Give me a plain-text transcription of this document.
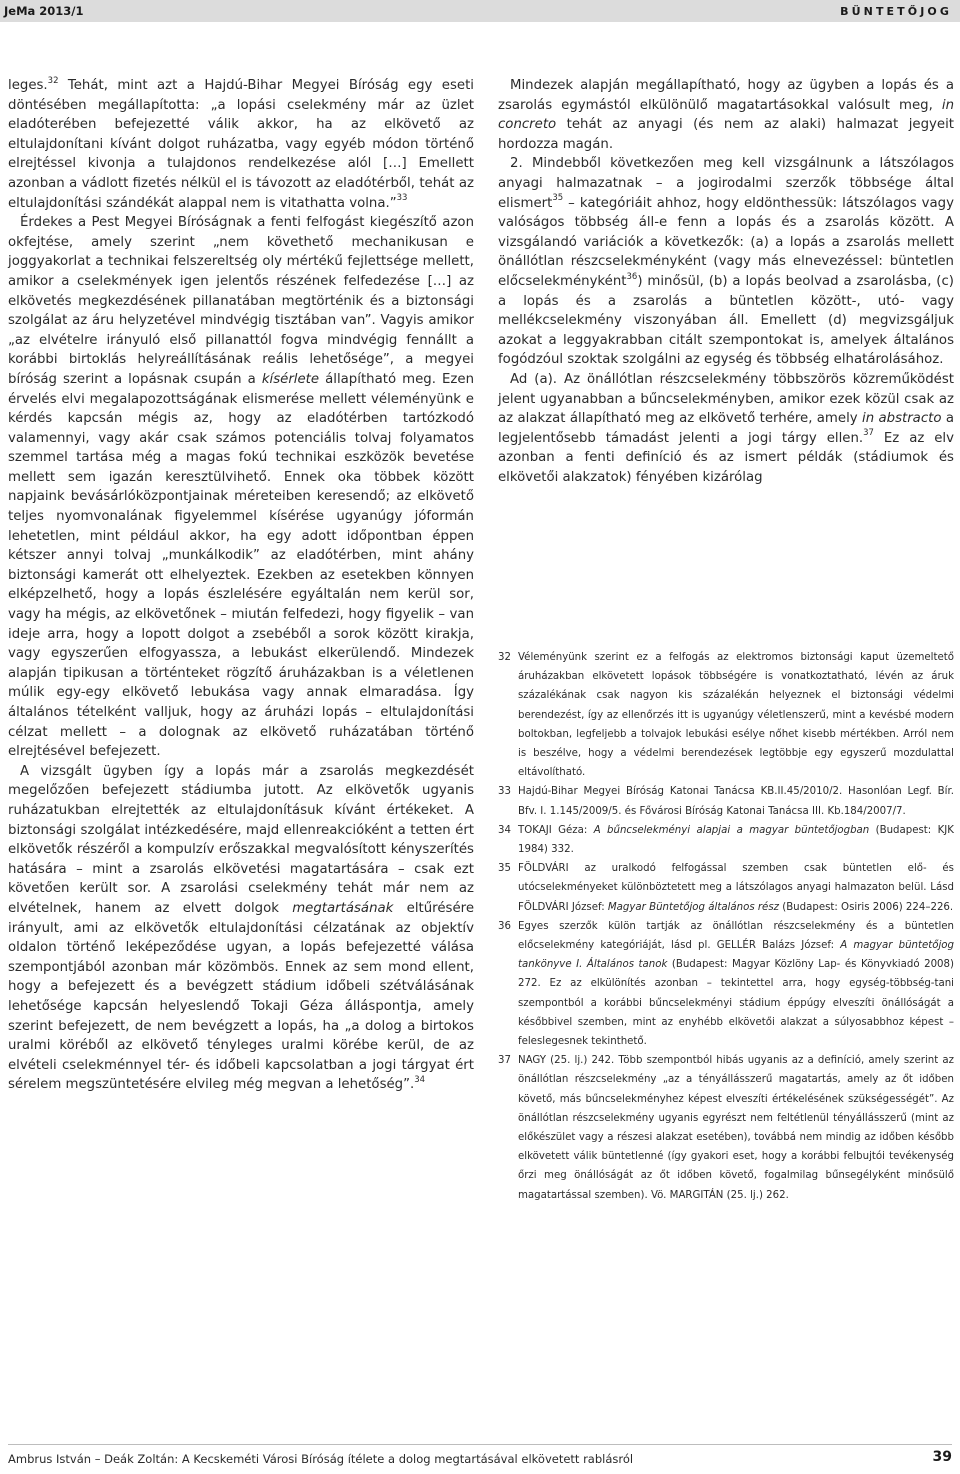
JeMa 2013/1	BÜNTETŐJOG

leges.$^{32}$ Tehát, mint azt a Hajdú-Bihar Megyei Bíróság egy eseti döntésében megállapította: „a lopási cselekmény már az üzlet eladóterében befejezetté válik akkor, ha az elkövető az eltulajdonítani kívánt dolgot ruházatba, vagy egyéb módon történő elrejtéssel kivonja a tulajdonos rendelkezése alól […] Emellett azonban a vádlott fizetés nélkül el is távozott az eladótérből, tehát az eltulajdonítási szándékát alappal nem is vitathatta volna.”$^{33}$

Érdekes a Pest Megyei Bíróságnak a fenti felfogást kiegészítő azon okfejtése, amely szerint „nem követhető mechanikusan e joggyakorlat a technikai felszereltség oly mértékű fejlettsége mellett, amikor a cselekmények igen jelentős részének felfedezése […] az elkövetés megkezdésének pillanatában megtörténik és a biztonsági szolgálat az áru helyzetével mindvégig tisztában van”. Vagyis amikor „az elvételre irányuló első pillanattól fogva mindvégig fennállt a korábbi birtoklás helyreállításának reális lehetősége”, a megyei bíróság szerint a lopásnak csupán a kísérlete állapítható meg. Ezen érvelés elvi megalapozottságának elismerése mellett véleményünk e kérdés kapcsán mégis az, hogy az eladótérben tartózkodó valamennyi, vagy akár csak számos potenciális tolvaj folyamatos szemmel tartása még a magas fokú technikai eszközök bevetése mellett sem igazán keresztülvihető. Ennek oka többek között napjaink bevásárlóközpontjainak méreteiben keresendő; az elkövető teljes nyomvonalának figyelemmel kísérése ugyanúgy jóformán lehetetlen, mint például akkor, ha egy adott időpontban éppen kétszer annyi tolvaj „munkálkodik” az eladótérben, mint ahány biztonsági kamerát ott elhelyeztek. Ezekben az esetekben könnyen elképzelhető, hogy a lopás észlelésére egyáltalán nem kerül sor, vagy ha mégis, az elkövetőnek – miután felfedezi, hogy figyelik – van ideje arra, hogy a lopott dolgot a zsebéből a sorok között kirakja, vagy egyszerűen elfogyassza, a lebukást elkerülendő. Mindezek alapján tipikusan a történteket rögzítő áruházakban is a véletlenen múlik egy-egy elkövető lebukása vagy annak elmaradása. Így általános tételként valljuk, hogy az áruházi lopás – eltulajdonítási célzat mellett – a dolognak az elkövető ruházatában történő elrejtésével befejezett.

A vizsgált ügyben így a lopás már a zsarolás megkezdését megelőzően befejezett stádiumba jutott. Az elkövetők ugyanis ruházatukban elrejtették az eltulajdonításuk kívánt értékeket. A biztonsági szolgálat intézkedésére, majd ellenreakcióként a tetten ért elkövetők részéről a kompulzív erőszakkal megvalósított kényszerítés hatására – mint a zsarolás elkövetési magatartására – csak ezt követően került sor. A zsarolási cselekmény tehát már nem az elvételnek, hanem az elvett dolgok megtartásának eltűrésére irányult, ami az elkövetők eltulajdonítási célzatának az objektív oldalon történő leképeződése ugyan, a lopás befejezetté válása szempontjából azonban már közömbös. Ennek az sem mond ellent, hogy a befejezett és a bevégzett stádium időbeli szétválásának lehetősége kapcsán helyeslendő Tokaji Géza álláspontja, amely szerint befejezett, de nem bevégzett a lopás, ha „a dolog a birtokos uralmi köréből az elkövető tényleges uralmi körébe kerül, de az elvételi cselekménnyel tér- és időbeli kapcsolatban a jogi tárgyat ért sérelem megszüntetésére elvileg még megvan a lehetőség”.$^{34}$

Mindezek alapján megállapítható, hogy az ügyben a lopás és a zsarolás egymástól elkülönülő magatartásokkal valósult meg, in concreto tehát az anyagi (és nem az alaki) halmazat jegyeit hordozza magán.

2. Mindebből következően meg kell vizsgálnunk a látszólagos anyagi halmazatnak – a jogirodalmi szerzők többsége által elismert$^{35}$ – kategóriáit ahhoz, hogy eldönthessük: látszólagos vagy valóságos többség áll-e fenn a lopás és a zsarolás között. A vizsgálandó variációk a következők: (a) a lopás a zsarolás mellett önállótlan részcselekményként (vagy más elnevezéssel: büntetlen előcselekményként$^{36}$) minősül, (b) a lopás beolvad a zsarolásba, (c) a lopás és a zsarolás a büntetlen között-, utó- vagy mellékcselekmény viszonyában áll. Emellett (d) megvizsgáljuk azokat a leggyakrabban citált szempontokat is, amelyek általános fogódzóul szoktak szolgálni az egység és többség elhatárolásához.

Ad (a). Az önállótlan részcselekmény többszörös közreműködést jelent ugyanabban a bűncselekményben, amikor ezek közül csak az az alakzat állapítható meg az elkövető terhére, amely in abstracto a legjelentősebb támadást jelenti a jogi tárgy ellen.$^{37}$ Ez az elv azonban a fenti definíció és az ismert példák (stádiumok és elkövetői alakzatok) fényében kizárólag

32 Véleményünk szerint ez a felfogás az elektromos biztonsági kaput üzemeltető áruházakban elkövetett lopások többségére is vonatkoztatható, lévén az áruk százalékának csak nagyon kis százalékán helyeznek el biztonsági védelmi berendezést, így az ellenőrzés itt is ugyanúgy véletlenszerű, mint a kevésbé modern boltokban, legfeljebb a tolvajok lebukási esélye nőhet kisebb mértékben. Arról nem is beszélve, hogy a védelmi berendezések legtöbbje egy egyszerű mozdulattal eltávolítható.
33 Hajdú-Bihar Megyei Bíróság Katonai Tanácsa KB.II.45/2010/2. Hasonlóan Legf. Bír. Bfv. I. 1.145/2009/5. és Fővárosi Bíróság Katonai Tanácsa III. Kb.184/2007/7.
34 TOKAJI Géza: A bűncselekményi alapjai a magyar büntetőjogban (Budapest: KJK 1984) 332.
35 FÖLDVÁRI az uralkodó felfogással szemben csak büntetlen elő- és utócselekményeket különböztetett meg a látszólagos anyagi halmazaton belül. Lásd FÖLDVÁRI József: Magyar Büntetőjog általános rész (Budapest: Osiris 2006) 224–226.
36 Egyes szerzők külön tartják az önállótlan részcselekmény és a büntetlen előcselekmény kategóriáját, lásd pl. GELLÉR Balázs József: A magyar büntetőjog tankönyve I. Általános tanok (Budapest: Magyar Közlöny Lap- és Könyvkiadó 2008) 272. Ez az elkülönítés azonban – tekintettel arra, hogy egység-többség-tani szempontból a korábbi bűncselekményi stádium éppúgy elveszíti önállóságát a későbbivel szemben, mint az enyhébb elkövetői alakzat a súlyosabbhoz képest – feleslegesnek tekinthető.
37 NAGY (25. lj.) 242. Több szempontból hibás ugyanis az a definíció, amely szerint az önállótlan részcselekmény „az a tényállásszerű magatartás, amely az őt időben követő, más bűncselekményhez képest elveszíti értékelésének szükségességét”. Az önállótlan részcselekmény ugyanis egyrészt nem feltétlenül tényállásszerű (mint az előkészület vagy a részesi alakzat esetében), továbbá nem mindig az időben később elkövetett válik büntetlenné (így gyakori eset, hogy a korábbi felbujtói tevékenység őrzi meg önállóságát az őt időben követő, fogalmilag bűnsegélyként minősülő magatartással szemben). Vö. MARGITÁN (25. lj.) 262.
Ambrus István – Deák Zoltán: A Kecskeméti Városi Bíróság ítélete a dolog megtartásával elkövetett rablásról	39
